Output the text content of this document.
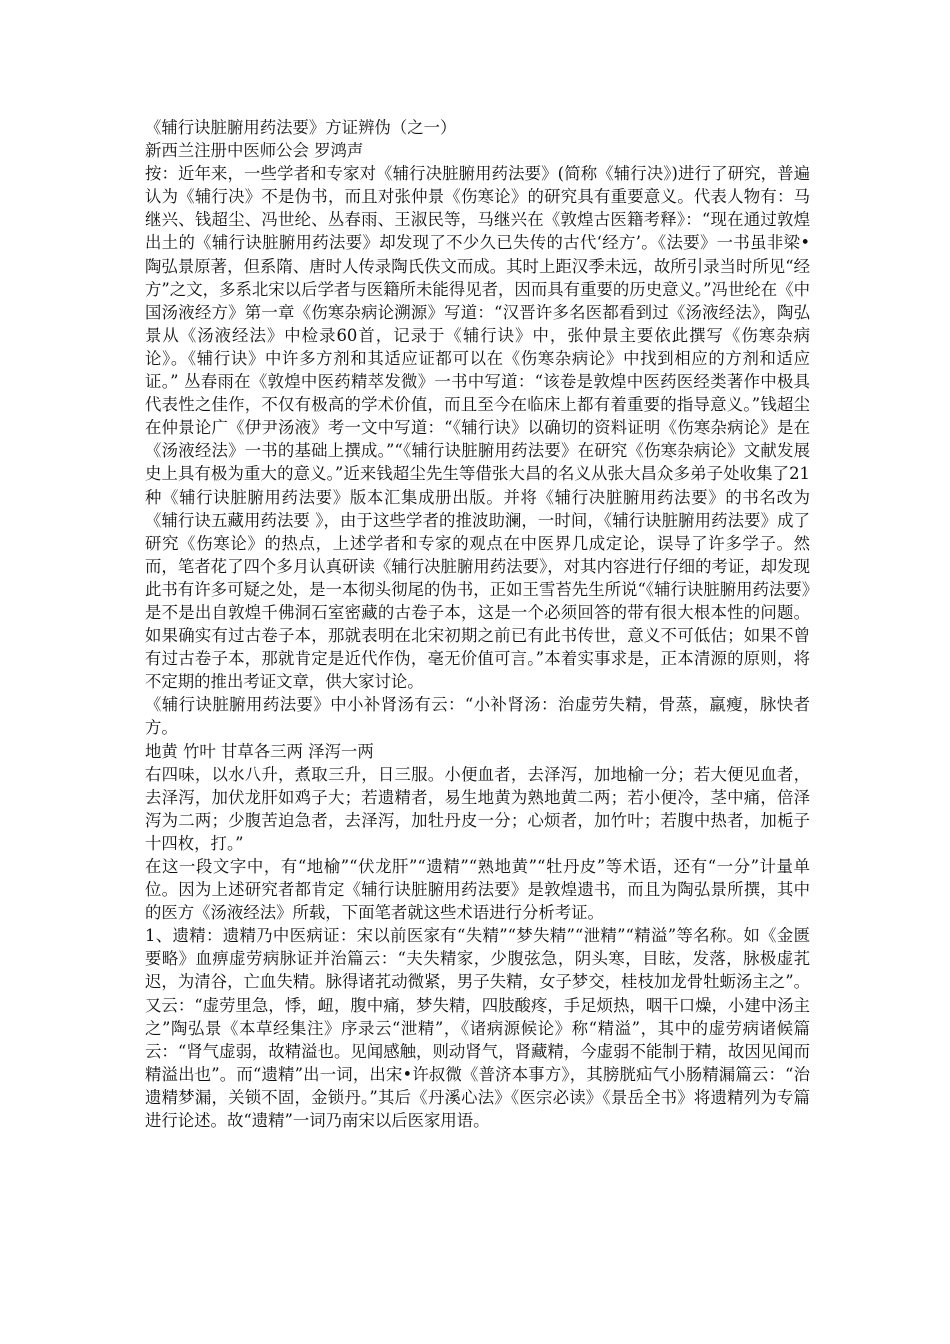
《辅行诀脏腑用药法要》方证辨伪（之一）
新西兰注册中医师公会 罗鸿声

按：近年来，一些学者和专家对《辅行决脏腑用药法要》(简称《辅行决》)进行了研究，普遍认为《辅行决》不是伪书，而且对张仲景《伤寒论》的研究具有重要意义。代表人物有：马继兴、钱超尘、冯世纶、丛春雨、王淑民等，马继兴在《敦煌古医籍考释》：“现在通过敦煌出土的《辅行诀脏腑用药法要》却发现了不少久已失传的古代‘经方’。《法要》一书虽非梁•陶弘景原著，但系隋、唐时人传录陶氏佚文而成。其时上距汉季未远，故所引录当时所见“经方”之文，多系北宋以后学者与医籍所未能得见者，因而具有重要的历史意义。”冯世纶在《中国汤液经方》第一章《伤寒杂病论溯源》写道：“汉晋许多名医都看到过《汤液经法》，陶弘景从《汤液经法》中检录60首，记录于《辅行诀》中，张仲景主要依此撰写《伤寒杂病论》。《辅行诀》中许多方剂和其适应证都可以在《伤寒杂病论》中找到相应的方剂和适应证。” 丛春雨在《敦煌中医药精萃发微》一书中写道：“该卷是敦煌中医药医经类著作中极具代表性之佳作，不仅有极高的学术价值，而且至今在临床上都有着重要的指导意义。”钱超尘在仲景论广《伊尹汤液》考一文中写道：“《辅行诀》以确切的资料证明《伤寒杂病论》是在《汤液经法》一书的基础上撰成。”“《辅行诀脏腑用药法要》在研究《伤寒杂病论》文献发展史上具有极为重大的意义。”近来钱超尘先生等借张大昌的名义从张大昌众多弟子处收集了21种《辅行诀脏腑用药法要》版本汇集成册出版。并将《辅行决脏腑用药法要》的书名改为《辅行诀五藏用药法要 》，由于这些学者的推波助澜，一时间，《辅行诀脏腑用药法要》成了研究《伤寒论》的热点，上述学者和专家的观点在中医界几成定论，误导了许多学子。然而，笔者花了四个多月认真研读《辅行决脏腑用药法要》，对其内容进行仔细的考证，却发现此书有许多可疑之处，是一本彻头彻尾的伪书，正如王雪苔先生所说“《辅行诀脏腑用药法要》是不是出自敦煌千佛洞石室密藏的古卷子本，这是一个必须回答的带有很大根本性的问题。如果确实有过古卷子本，那就表明在北宋初期之前已有此书传世，意义不可低估；如果不曾有过古卷子本，那就肯定是近代作伪，毫无价值可言。”本着实事求是，正本清源的原则，将不定期的推出考证文章，供大家讨论。

《辅行诀脏腑用药法要》中小补肾汤有云：“小补肾汤：治虚劳失精，骨蒸，羸瘦，脉快者方。

地黄 竹叶 甘草各三两 泽泻一两

右四味，以水八升，煮取三升，日三服。小便血者，去泽泻，加地榆一分；若大便见血者，去泽泻，加伏龙肝如鸡子大；若遗精者，易生地黄为熟地黄二两；若小便冷，茎中痛，倍泽泻为二两；少腹苦迫急者，去泽泻，加牡丹皮一分；心烦者，加竹叶；若腹中热者，加栀子十四枚，打。”

在这一段文字中，有“地榆”“伏龙肝”“遗精”“熟地黄”“牡丹皮”等术语，还有“一分”计量单位。因为上述研究者都肯定《辅行诀脏腑用药法要》是敦煌遗书，而且为陶弘景所撰，其中的医方《汤液经法》所载，下面笔者就这些术语进行分析考证。

1、遗精：遗精乃中医病证：宋以前医家有“失精”“梦失精”“泄精”“精溢”等名称。如《金匮要略》血痹虚劳病脉证并治篇云：“夫失精家，少腹弦急，阴头寒，目眩，发落，脉极虚芤迟，为清谷，亡血失精。脉得诸芤动微紧，男子失精，女子梦交，桂枝加龙骨牡蛎汤主之”。又云：“虚劳里急，悸，衄，腹中痛，梦失精，四肢酸疼，手足烦热，咽干口燥，小建中汤主之”陶弘景《本草经集注》序录云“泄精”，《诸病源候论》称“精溢”，其中的虚劳病诸候篇云：“肾气虚弱，故精溢也。见闻感触，则动肾气，肾藏精，今虚弱不能制于精，故因见闻而精溢出也”。而“遗精”出一词，出宋•许叔微《普济本事方》，其膀胱疝气小肠精漏篇云：“治遗精梦漏，关锁不固，金锁丹。”其后《丹溪心法》《医宗必读》《景岳全书》将遗精列为专篇进行论述。故“遗精”一词乃南宋以后医家用语。
